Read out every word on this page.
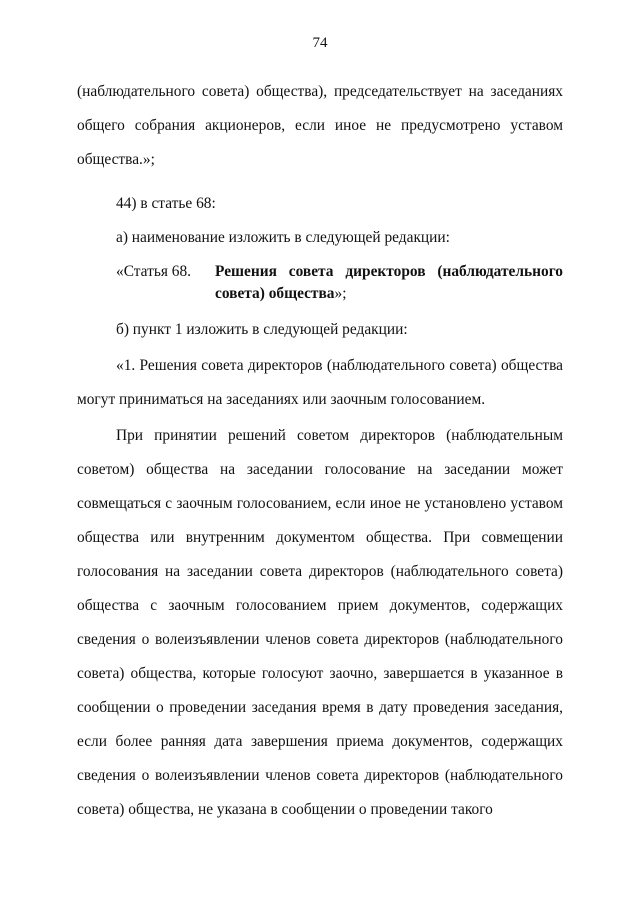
74

(наблюдательного совета) общества), председательствует на заседаниях общего собрания акционеров, если иное не предусмотрено уставом общества.»;

44) в статье 68:

а) наименование изложить в следующей редакции:

«Статья 68.	Решения совета директоров (наблюдательного совета) общества»;

б) пункт 1 изложить в следующей редакции:

«1. Решения совета директоров (наблюдательного совета) общества могут приниматься на заседаниях или заочным голосованием.

При принятии решений советом директоров (наблюдательным советом) общества на заседании голосование на заседании может совмещаться с заочным голосованием, если иное не установлено уставом общества или внутренним документом общества. При совмещении голосования на заседании совета директоров (наблюдательного совета) общества с заочным голосованием прием документов, содержащих сведения о волеизъявлении членов совета директоров (наблюдательного совета) общества, которые голосуют заочно, завершается в указанное в сообщении о проведении заседания время в дату проведения заседания, если более ранняя дата завершения приема документов, содержащих сведения о волеизъявлении членов совета директоров (наблюдательного совета) общества, не указана в сообщении о проведении такого
